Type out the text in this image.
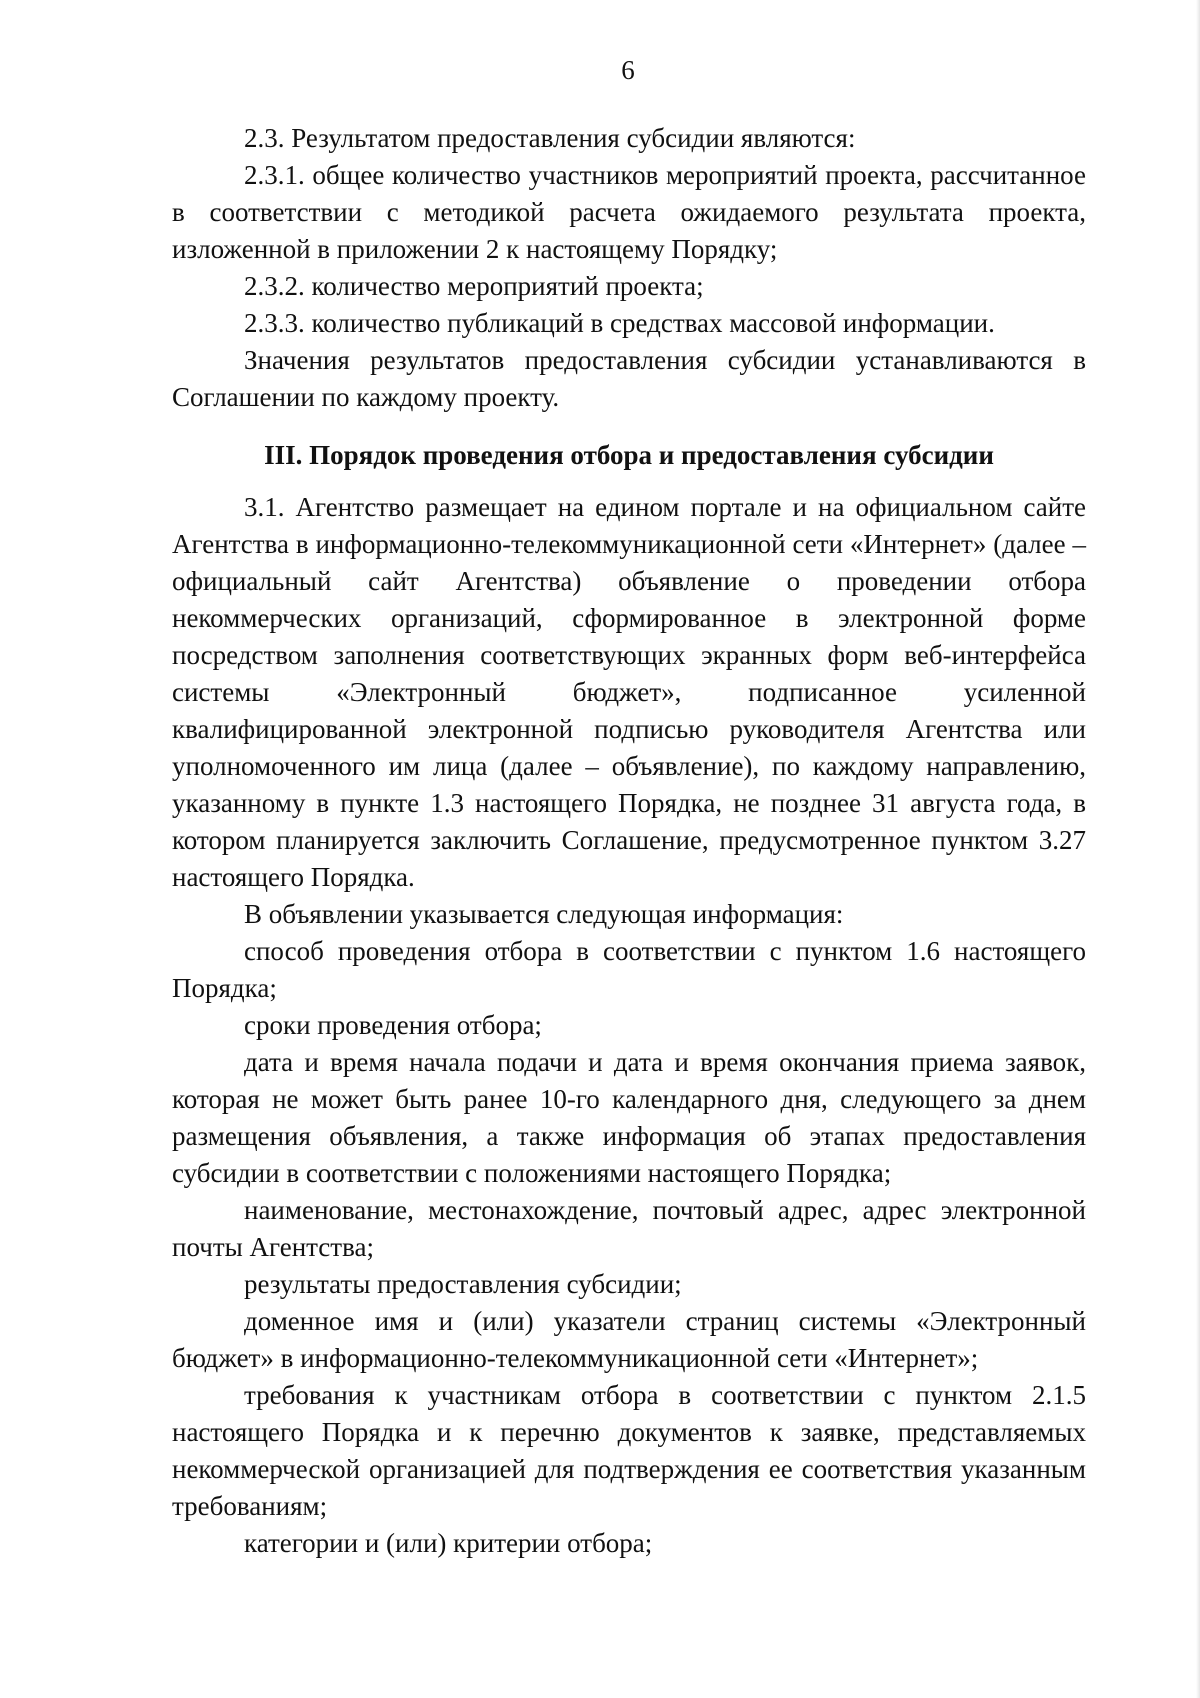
6

2.3. Результатом предоставления субсидии являются:

2.3.1. общее количество участников мероприятий проекта, рассчитанное в соответствии с методикой расчета ожидаемого результата проекта, изложенной в приложении 2 к настоящему Порядку;

2.3.2. количество мероприятий проекта;

2.3.3. количество публикаций в средствах массовой информации.

Значения результатов предоставления субсидии устанавливаются в Соглашении по каждому проекту.

III. Порядок проведения отбора и предоставления субсидии

3.1. Агентство размещает на едином портале и на официальном сайте Агентства в информационно-телекоммуникационной сети «Интернет» (далее – официальный сайт Агентства) объявление о проведении отбора некоммерческих организаций, сформированное в электронной форме посредством заполнения соответствующих экранных форм веб-интерфейса системы «Электронный бюджет», подписанное усиленной квалифицированной электронной подписью руководителя Агентства или уполномоченного им лица (далее – объявление), по каждому направлению, указанному в пункте 1.3 настоящего Порядка, не позднее 31 августа года, в котором планируется заключить Соглашение, предусмотренное пунктом 3.27 настоящего Порядка.

В объявлении указывается следующая информация:

способ проведения отбора в соответствии с пунктом 1.6 настоящего Порядка;

сроки проведения отбора;

дата и время начала подачи и дата и время окончания приема заявок, которая не может быть ранее 10-го календарного дня, следующего за днем размещения объявления, а также информация об этапах предоставления субсидии в соответствии с положениями настоящего Порядка;

наименование, местонахождение, почтовый адрес, адрес электронной почты Агентства;

результаты предоставления субсидии;

доменное имя и (или) указатели страниц системы «Электронный бюджет» в информационно-телекоммуникационной сети «Интернет»;

требования к участникам отбора в соответствии с пунктом 2.1.5 настоящего Порядка и к перечню документов к заявке, представляемых некоммерческой организацией для подтверждения ее соответствия указанным требованиям;

категории и (или) критерии отбора;
